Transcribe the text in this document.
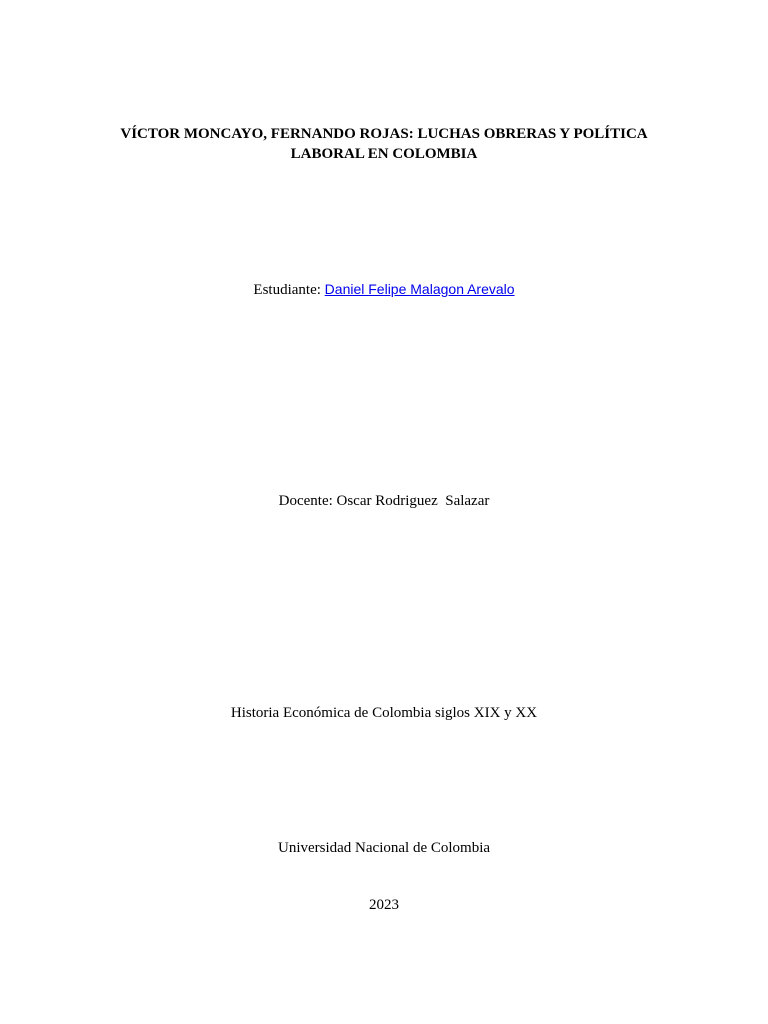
VÍCTOR MONCAYO, FERNANDO ROJAS: LUCHAS OBRERAS Y POLÍTICA
LABORAL EN COLOMBIA
Estudiante: Daniel Felipe Malagon Arevalo
Docente: Oscar Rodriguez  Salazar
Historia Económica de Colombia siglos XIX y XX
Universidad Nacional de Colombia
2023
